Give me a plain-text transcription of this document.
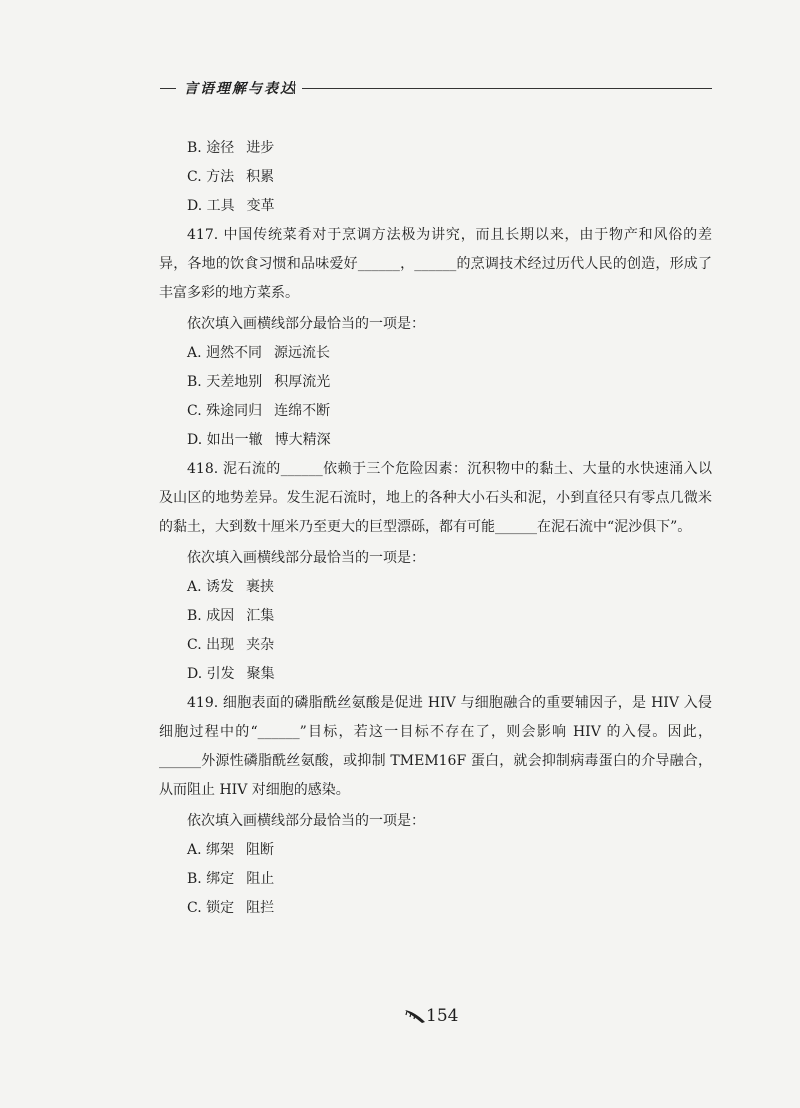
言语理解与表达
B. 途径 进步
C. 方法 积累
D. 工具 变革
417. 中国传统菜肴对于烹调方法极为讲究，而且长期以来，由于物产和风俗的差异，各地的饮食习惯和品味爱好______，______的烹调技术经过历代人民的创造，形成了丰富多彩的地方菜系。
依次填入画横线部分最恰当的一项是：
A. 迥然不同 源远流长
B. 天差地别 积厚流光
C. 殊途同归 连绵不断
D. 如出一辙 博大精深
418. 泥石流的______依赖于三个危险因素：沉积物中的黏土、大量的水快速涌入以及山区的地势差异。发生泥石流时，地上的各种大小石头和泥，小到直径只有零点几微米的黏土，大到数十厘米乃至更大的巨型漂砾，都有可能______在泥石流中“泥沙俱下”。
依次填入画横线部分最恰当的一项是：
A. 诱发 裹挟
B. 成因 汇集
C. 出现 夹杂
D. 引发 聚集
419. 细胞表面的磷脂酰丝氨酸是促进 HIV 与细胞融合的重要辅因子，是 HIV 入侵细胞过程中的“______”目标，若这一目标不存在了，则会影响 HIV 的入侵。因此，______外源性磷脂酰丝氨酸，或抑制 TMEM16F 蛋白，就会抑制病毒蛋白的介导融合，从而阻止 HIV 对细胞的感染。
依次填入画横线部分最恰当的一项是：
A. 绑架 阻断
B. 绑定 阻止
C. 锁定 阻拦
154
